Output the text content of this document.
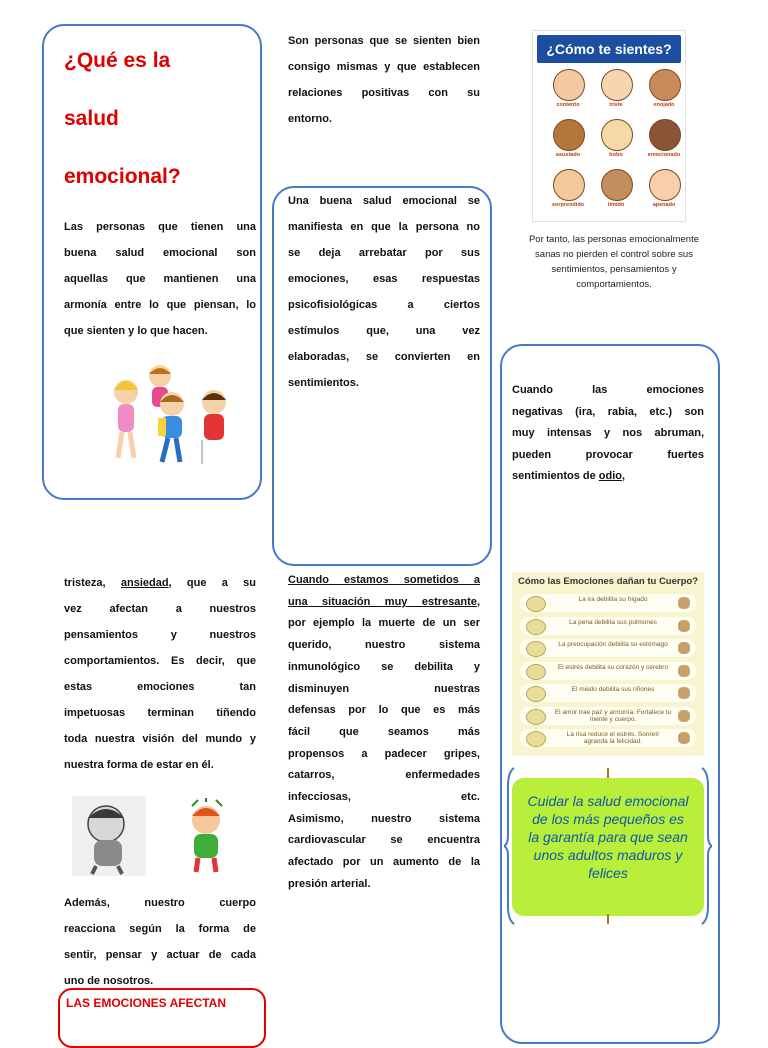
¿Qué es la
salud
emocional?
Las personas que tienen una
buena salud emocional son
aquellas que mantienen una
armonía entre lo que piensan, lo
que sienten y lo que hacen.
tristeza, ansiedad, que a su
vez afectan a nuestros
pensamientos y nuestros
comportamientos. Es decir, que
estas emociones tan
impetuosas terminan tiñendo
toda nuestra visión del mundo y
nuestra forma de estar en él.
Además, nuestro cuerpo
reacciona según la forma de
sentir, pensar y actuar de cada
uno de nosotros.
LAS EMOCIONES AFECTAN
Son personas que se sienten bien
consigo mismas y que establecen
relaciones positivas con su
entorno.
Una buena salud emocional se
manifiesta en que la persona no
se deja arrebatar por sus
emociones, esas respuestas
psicofisiológicas a ciertos
estímulos que, una vez
elaboradas, se convierten en
sentimientos.
Cuando estamos sometidos a
una situación muy estresante,
por ejemplo la muerte de un ser
querido, nuestro sistema
inmunológico se debilita y
disminuyen nuestras
defensas por lo que es más
fácil que seamos más
propensos a padecer gripes,
catarros, enfermedades
infecciosas, etc.
Asimismo, nuestro sistema
cardiovascular se encuentra
afectado por un aumento de la
presión arterial.
¿Cómo te sientes?
contento	triste	enojado
asustado	bobo	emocionado
sorprendido	tímido	apenado
Por tanto, las personas emocionalmente
sanas no pierden el control sobre sus
sentimientos, pensamientos y
comportamientos.
Cuando las emociones
negativas (ira, rabia, etc.) son
muy intensas y nos abruman,
pueden provocar fuertes
sentimientos de odio,
Cómo las Emociones dañan tu Cuerpo?
La ira debilita su hígado
La pena debilita sus pulmones
La preocupación debilita su estómago
El estrés debilita su corazón y cerebro
El miedo debilita sus riñones
El amor trae paz y armonía. Fortalece tu mente y cuerpo.
La risa reduce el estrés. Sonreír agranda la felicidad.
Cuidar la salud emocional de los más pequeños es la garantía para que sean unos adultos maduros y felices
